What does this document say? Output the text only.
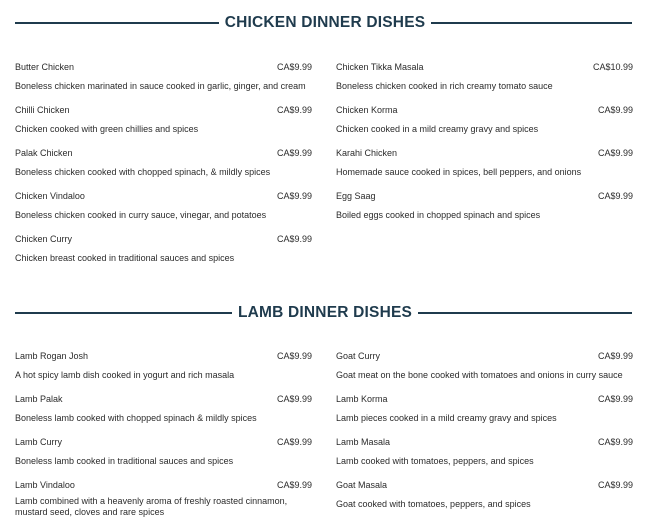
CHICKEN DINNER DISHES
Butter Chicken	CA$9.99
Boneless chicken marinated in sauce cooked in garlic, ginger, and cream
Chilli Chicken	CA$9.99
Chicken cooked with green chillies and spices
Palak Chicken	CA$9.99
Boneless chicken cooked with chopped spinach, & mildly spices
Chicken Vindaloo	CA$9.99
Boneless chicken cooked in curry sauce, vinegar, and potatoes
Chicken Curry	CA$9.99
Chicken breast cooked in traditional sauces and spices
Chicken Tikka Masala	CA$10.99
Boneless chicken cooked in rich creamy tomato sauce
Chicken Korma	CA$9.99
Chicken cooked in a mild creamy gravy and spices
Karahi Chicken	CA$9.99
Homemade sauce cooked in spices, bell peppers, and onions
Egg Saag	CA$9.99
Boiled eggs cooked in chopped spinach and spices
LAMB DINNER DISHES
Lamb Rogan Josh	CA$9.99
A hot spicy lamb dish cooked in yogurt and rich masala
Lamb Palak	CA$9.99
Boneless lamb cooked with chopped spinach & mildly spices
Lamb Curry	CA$9.99
Boneless lamb cooked in traditional sauces and spices
Lamb Vindaloo	CA$9.99
Lamb combined with a heavenly aroma of freshly roasted cinnamon, mustard seed, cloves and rare spices
Goat Curry	CA$9.99
Goat meat on the bone cooked with tomatoes and onions in curry sauce
Lamb Korma	CA$9.99
Lamb pieces cooked in a mild creamy gravy and spices
Lamb Masala	CA$9.99
Lamb cooked with tomatoes, peppers, and spices
Goat Masala	CA$9.99
Goat cooked with tomatoes, peppers, and spices
